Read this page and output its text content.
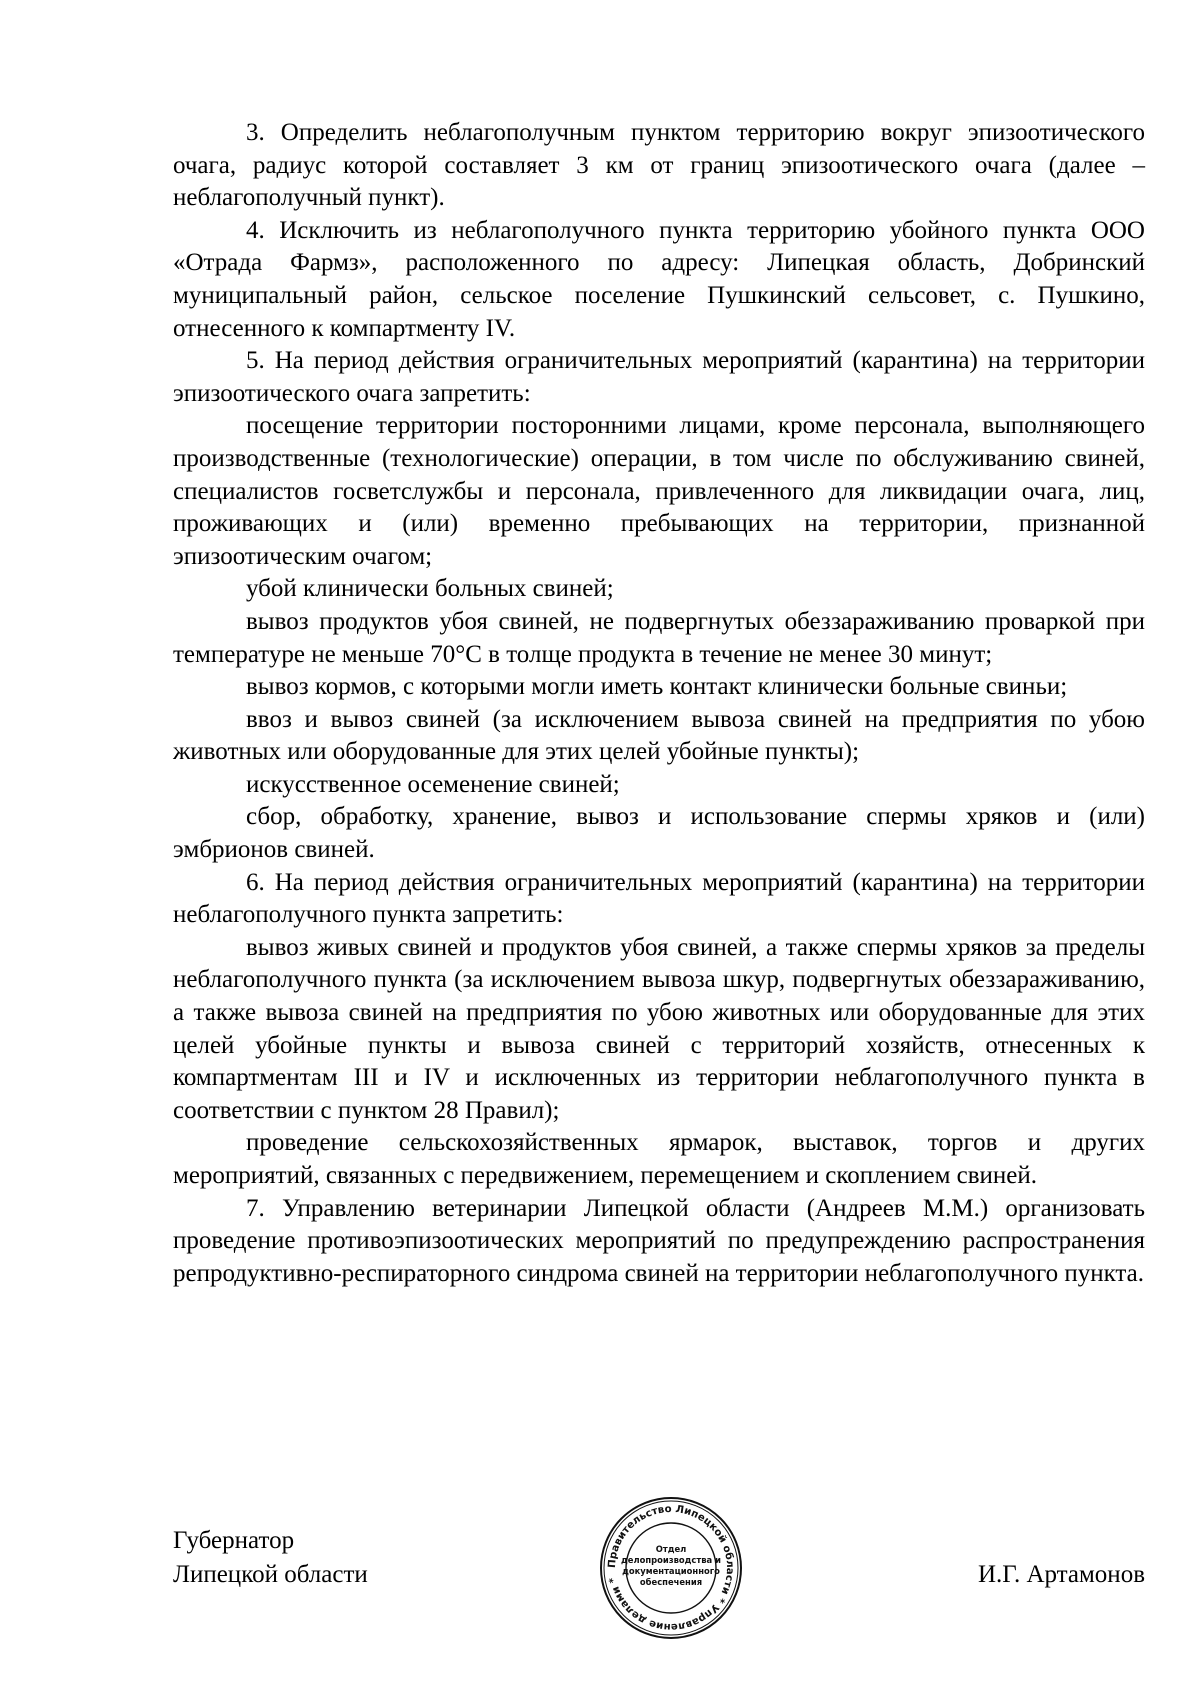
3. Определить неблагополучным пунктом территорию вокруг эпизоотического очага, радиус которой составляет 3 км от границ эпизоотического очага (далее – неблагополучный пункт).

4. Исключить из неблагополучного пункта территорию убойного пункта ООО «Отрада Фармз», расположенного по адресу: Липецкая область, Добринский муниципальный район, сельское поселение Пушкинский сельсовет, с. Пушкино, отнесенного к компартменту IV.

5. На период действия ограничительных мероприятий (карантина) на территории эпизоотического очага запретить:

посещение территории посторонними лицами, кроме персонала, выполняющего производственные (технологические) операции, в том числе по обслуживанию свиней, специалистов госветслужбы и персонала, привлеченного для ликвидации очага, лиц, проживающих и (или) временно пребывающих на территории, признанной эпизоотическим очагом;

убой клинически больных свиней;

вывоз продуктов убоя свиней, не подвергнутых обеззараживанию проваркой при температуре не меньше 70°С в толще продукта в течение не менее 30 минут;

вывоз кормов, с которыми могли иметь контакт клинически больные свиньи;

ввоз и вывоз свиней (за исключением вывоза свиней на предприятия по убою животных или оборудованные для этих целей убойные пункты);

искусственное осеменение свиней;

сбор, обработку, хранение, вывоз и использование спермы хряков и (или) эмбрионов свиней.

6. На период действия ограничительных мероприятий (карантина) на территории неблагополучного пункта запретить:

вывоз живых свиней и продуктов убоя свиней, а также спермы хряков за пределы неблагополучного пункта (за исключением вывоза шкур, подвергнутых обеззараживанию, а также вывоза свиней на предприятия по убою животных или оборудованные для этих целей убойные пункты и вывоза свиней с территорий хозяйств, отнесенных к компартментам III и IV и исключенных из территории неблагополучного пункта в соответствии с пунктом 28 Правил);

проведение сельскохозяйственных ярмарок, выставок, торгов и других мероприятий, связанных с передвижением, перемещением и скоплением свиней.

7. Управлению ветеринарии Липецкой области (Андреев М.М.) организовать проведение противоэпизоотических мероприятий по предупреждению распространения репродуктивно-респираторного синдрома свиней на территории неблагополучного пункта.

Губернатор
Липецкой области	И.Г. Артамонов
Правительство Липецкой области * Управление делами *
Отдел
делопроизводства и
документационного
обеспечения
